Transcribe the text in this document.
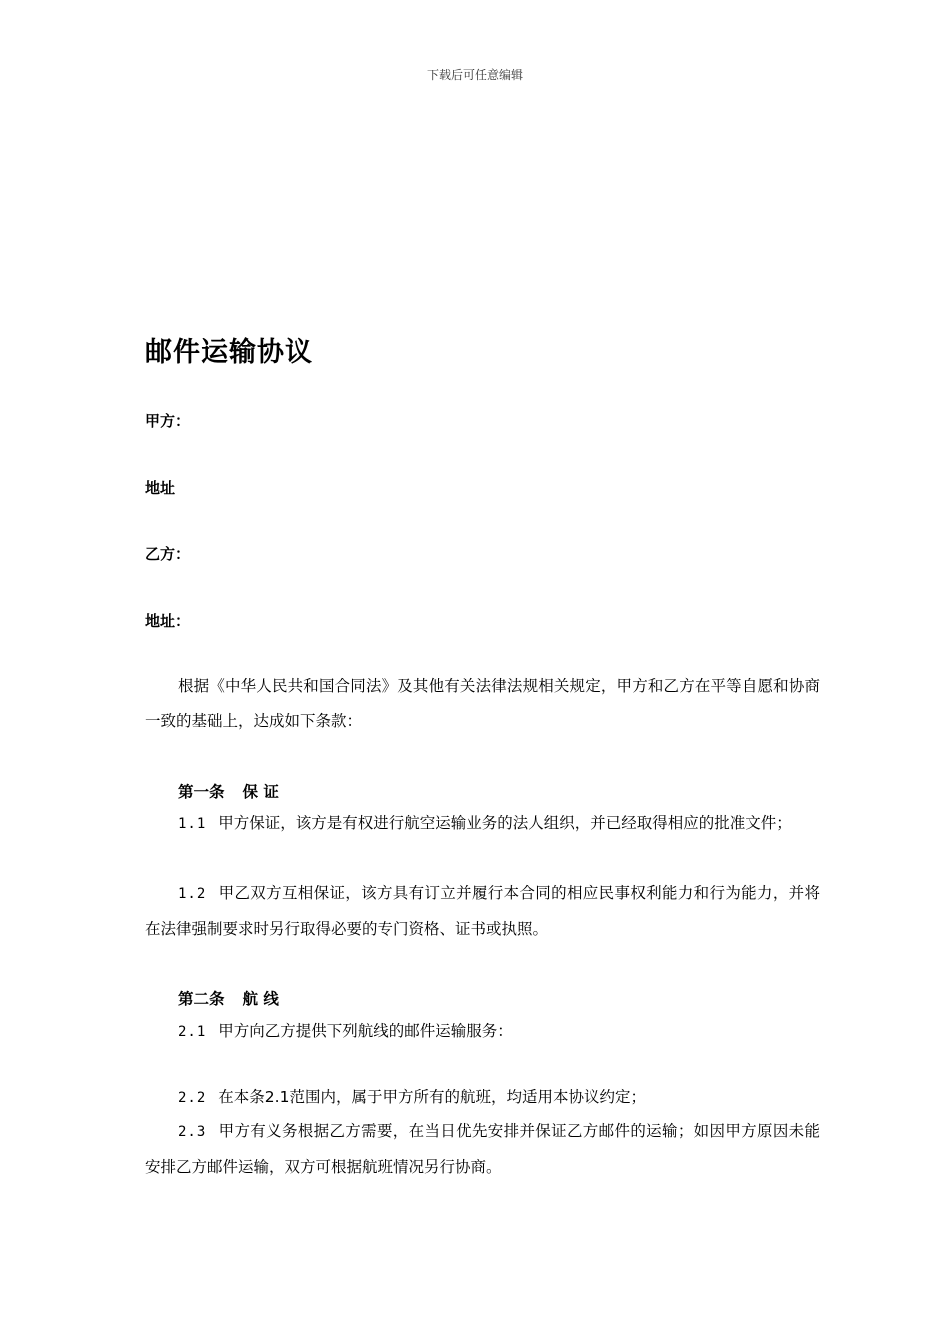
下载后可任意编辑
邮件运输协议
甲方：
地址
乙方：
地址：
根据《中华人民共和国合同法》及其他有关法律法规相关规定，甲方和乙方在平等自愿和协商一致的基础上，达成如下条款：
第一条 保 证
1.1 甲方保证，该方是有权进行航空运输业务的法人组织，并已经取得相应的批准文件；
1.2 甲乙双方互相保证，该方具有订立并履行本合同的相应民事权利能力和行为能力，并将在法律强制要求时另行取得必要的专门资格、证书或执照。
第二条 航 线
2.1 甲方向乙方提供下列航线的邮件运输服务：
2.2 在本条2.1范围内，属于甲方所有的航班，均适用本协议约定；
2.3 甲方有义务根据乙方需要，在当日优先安排并保证乙方邮件的运输；如因甲方原因未能安排乙方邮件运输，双方可根据航班情况另行协商。
